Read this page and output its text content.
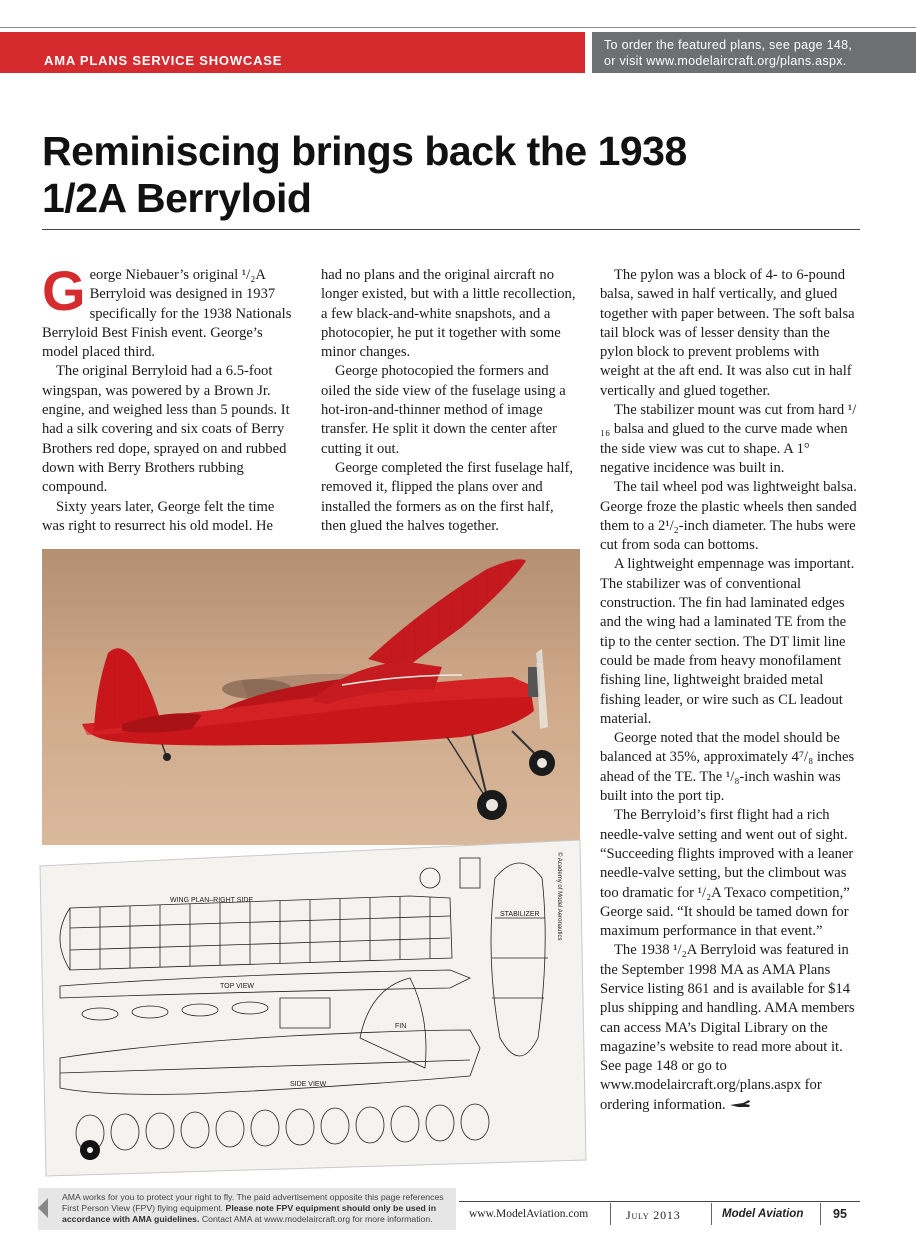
AMA PLANS SERVICE SHOWCASE
To order the featured plans, see page 148,
or visit www.modelaircraft.org/plans.aspx.
Reminiscing brings back the 1938
1/2A Berryloid

George Niebauer’s original ¹/₂A Berryloid was designed in 1937 specifically for the 1938 Nationals Berryloid Best Finish event. George’s model placed third.

The original Berryloid had a 6.5-foot wingspan, was powered by a Brown Jr. engine, and weighed less than 5 pounds. It had a silk covering and six coats of Berry Brothers red dope, sprayed on and rubbed down with Berry Brothers rubbing compound.

Sixty years later, George felt the time was right to resurrect his old model. He

had no plans and the original aircraft no longer existed, but with a little recollection, a few black-and-white snapshots, and a photocopier, he put it together with some minor changes.

George photocopied the formers and oiled the side view of the fuselage using a hot-iron-and-thinner method of image transfer. He split it down the center after cutting it out.

George completed the first fuselage half, removed it, flipped the plans over and installed the formers as on the first half, then glued the halves together.

The pylon was a block of 4- to 6-pound balsa, sawed in half vertically, and glued together with paper between. The soft balsa tail block was of lesser density than the pylon block to prevent problems with weight at the aft end. It was also cut in half vertically and glued together.

The stabilizer mount was cut from hard ¹/₁₆ balsa and glued to the curve made when the side view was cut to shape. A 1° negative incidence was built in.

The tail wheel pod was lightweight balsa. George froze the plastic wheels then sanded them to a 2¹/₂-inch diameter. The hubs were cut from soda can bottoms.

A lightweight empennage was important. The stabilizer was of conventional construction. The fin had laminated edges and the wing had a laminated TE from the tip to the center section. The DT limit line could be made from heavy monofilament fishing line, lightweight braided metal fishing leader, or wire such as CL leadout material.

George noted that the model should be balanced at 35%, approximately 4⁷/₈ inches ahead of the TE. The ¹/₈-inch washin was built into the port tip.

The Berryloid’s first flight had a rich needle-valve setting and went out of sight. “Succeeding flights improved with a leaner needle-valve setting, but the climbout was too dramatic for ¹/₂A Texaco competition,” George said. “It should be tamed down for maximum performance in that event.”

The 1938 ¹/₂A Berryloid was featured in the September 1998 MA as AMA Plans Service listing 861 and is available for $14 plus shipping and handling. AMA members can access MA’s Digital Library on the magazine’s website to read more about it. See page 148 or go to www.modelaircraft.org/plans.aspx for ordering information.

WING PLAN–RIGHT SIDE
TOP VIEW
SIDE VIEW
STABILIZER
FIN
© Academy of Model Aeronautics
AMA works for you to protect your right to fly. The paid advertisement opposite this page references First Person View (FPV) flying equipment. Please note FPV equipment should only be used in accordance with AMA guidelines. Contact AMA at www.modelaircraft.org for more information.	www.ModelAviation.com	July 2013	Model Aviation 95
